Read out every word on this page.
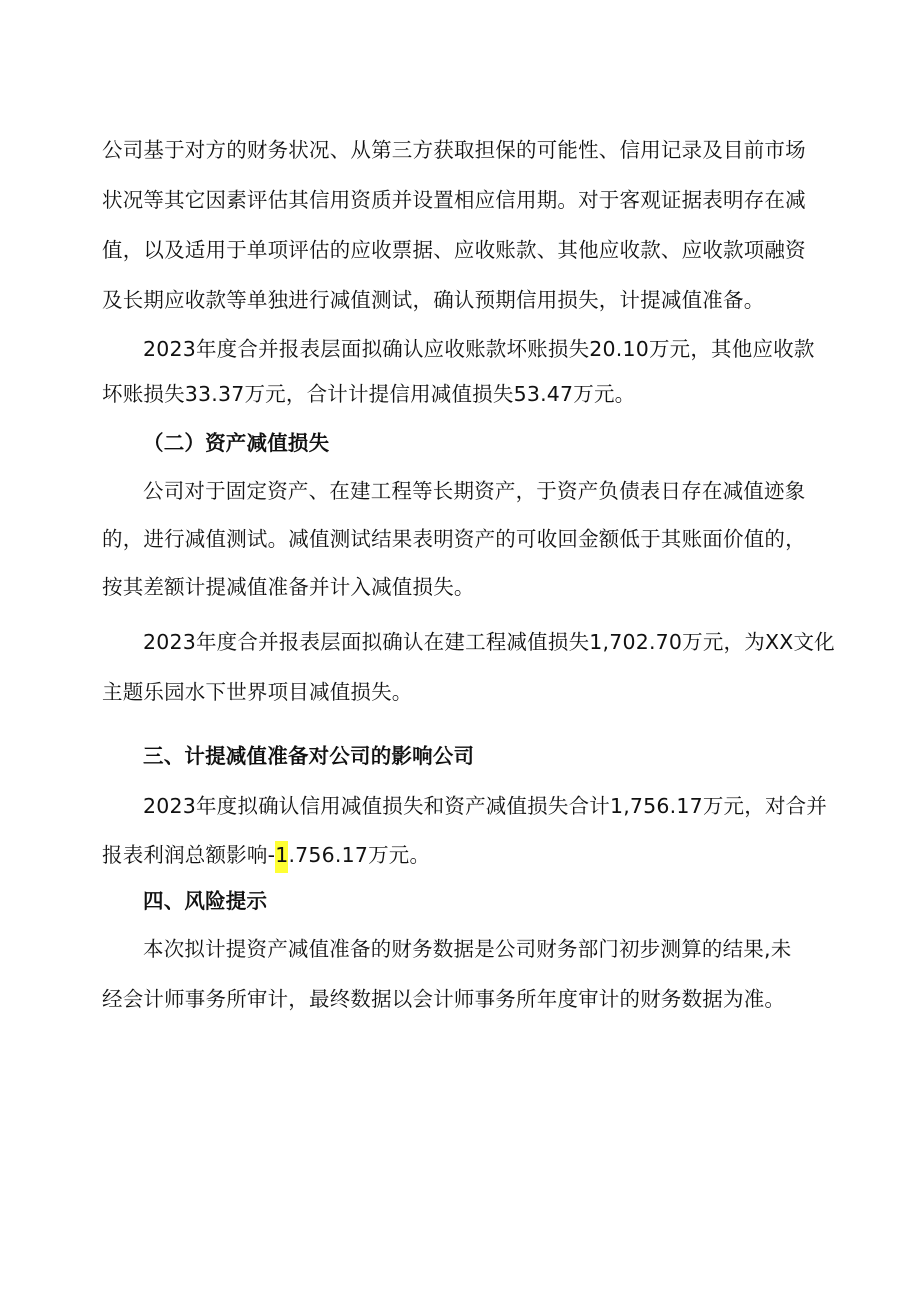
公司基于对方的财务状况、从第三方获取担保的可能性、信用记录及目前市场
状况等其它因素评估其信用资质并设置相应信用期。对于客观证据表明存在减
值，以及适用于单项评估的应收票据、应收账款、其他应收款、应收款项融资
及长期应收款等单独进行减值测试，确认预期信用损失，计提减值准备。
2023年度合并报表层面拟确认应收账款坏账损失20.10万元，其他应收款
坏账损失33.37万元，合计计提信用减值损失53.47万元。
（二）资产减值损失
公司对于固定资产、在建工程等长期资产，于资产负债表日存在减值迹象
的，进行减值测试。减值测试结果表明资产的可收回金额低于其账面价值的，
按其差额计提减值准备并计入减值损失。
2023年度合并报表层面拟确认在建工程减值损失1,702.70万元，为XX文化
主题乐园水下世界项目减值损失。
三、计提减值准备对公司的影响公司
2023年度拟确认信用减值损失和资产减值损失合计1,756.17万元，对合并
报表利润总额影响-1.756.17万元。
四、风险提示
本次拟计提资产减值准备的财务数据是公司财务部门初步测算的结果,未
经会计师事务所审计，最终数据以会计师事务所年度审计的财务数据为准。
